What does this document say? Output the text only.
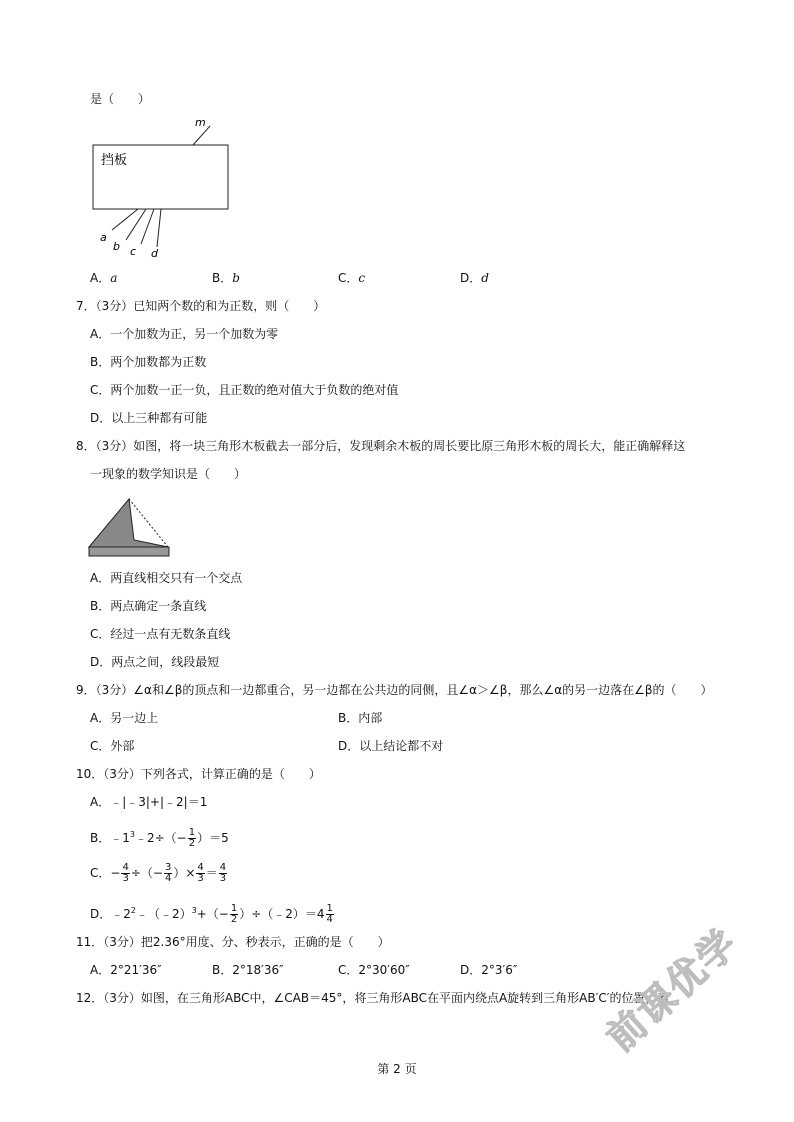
是（　　）
挡板
m
a
b c d
A．a	B．b	C．c	D．d
7．（3分）已知两个数的和为正数，则（　　）
A．一个加数为正，另一个加数为零
B．两个加数都为正数
C．两个加数一正一负，且正数的绝对值大于负数的绝对值
D．以上三种都有可能
8．（3分）如图，将一块三角形木板截去一部分后，发现剩余木板的周长要比原三角形木板的周长大，能正确解释这
一现象的数学知识是（　　）
A．两直线相交只有一个交点
B．两点确定一条直线
C．经过一点有无数条直线
D．两点之间，线段最短
9．（3分）∠α和∠β的顶点和一边都重合，另一边都在公共边的同侧，且∠α＞∠β，那么∠α的另一边落在∠β的（　　）
A．另一边上	B．内部
C．外部	D．以上结论都不对
10．（3分）下列各式，计算正确的是（　　）
A．﹣|﹣3|+|﹣2|＝1
B．$﹣1^3﹣2\div(- \frac{1}{2} )=5$
C．− $\frac{4}{3}$ ÷（− $\frac{3}{4}$ ）× $\frac{4}{3} = \frac{4}{3}$
D．$﹣2^2﹣(﹣2)^3+(- \frac{1}{2}$ ）÷（﹣2）＝4 $\frac{1}{4}$
11．（3分）把2.36°用度、分、秒表示，正确的是（　　）
A．2°21′36″	B．2°18′36″	C．2°30′60″	D．2°3′6″
12．（3分）如图，在三角形ABC中，∠CAB＝45°，将三角形ABC在平面内绕点A旋转到三角形AB′C′的位置，若
前课优学
第 2 页
